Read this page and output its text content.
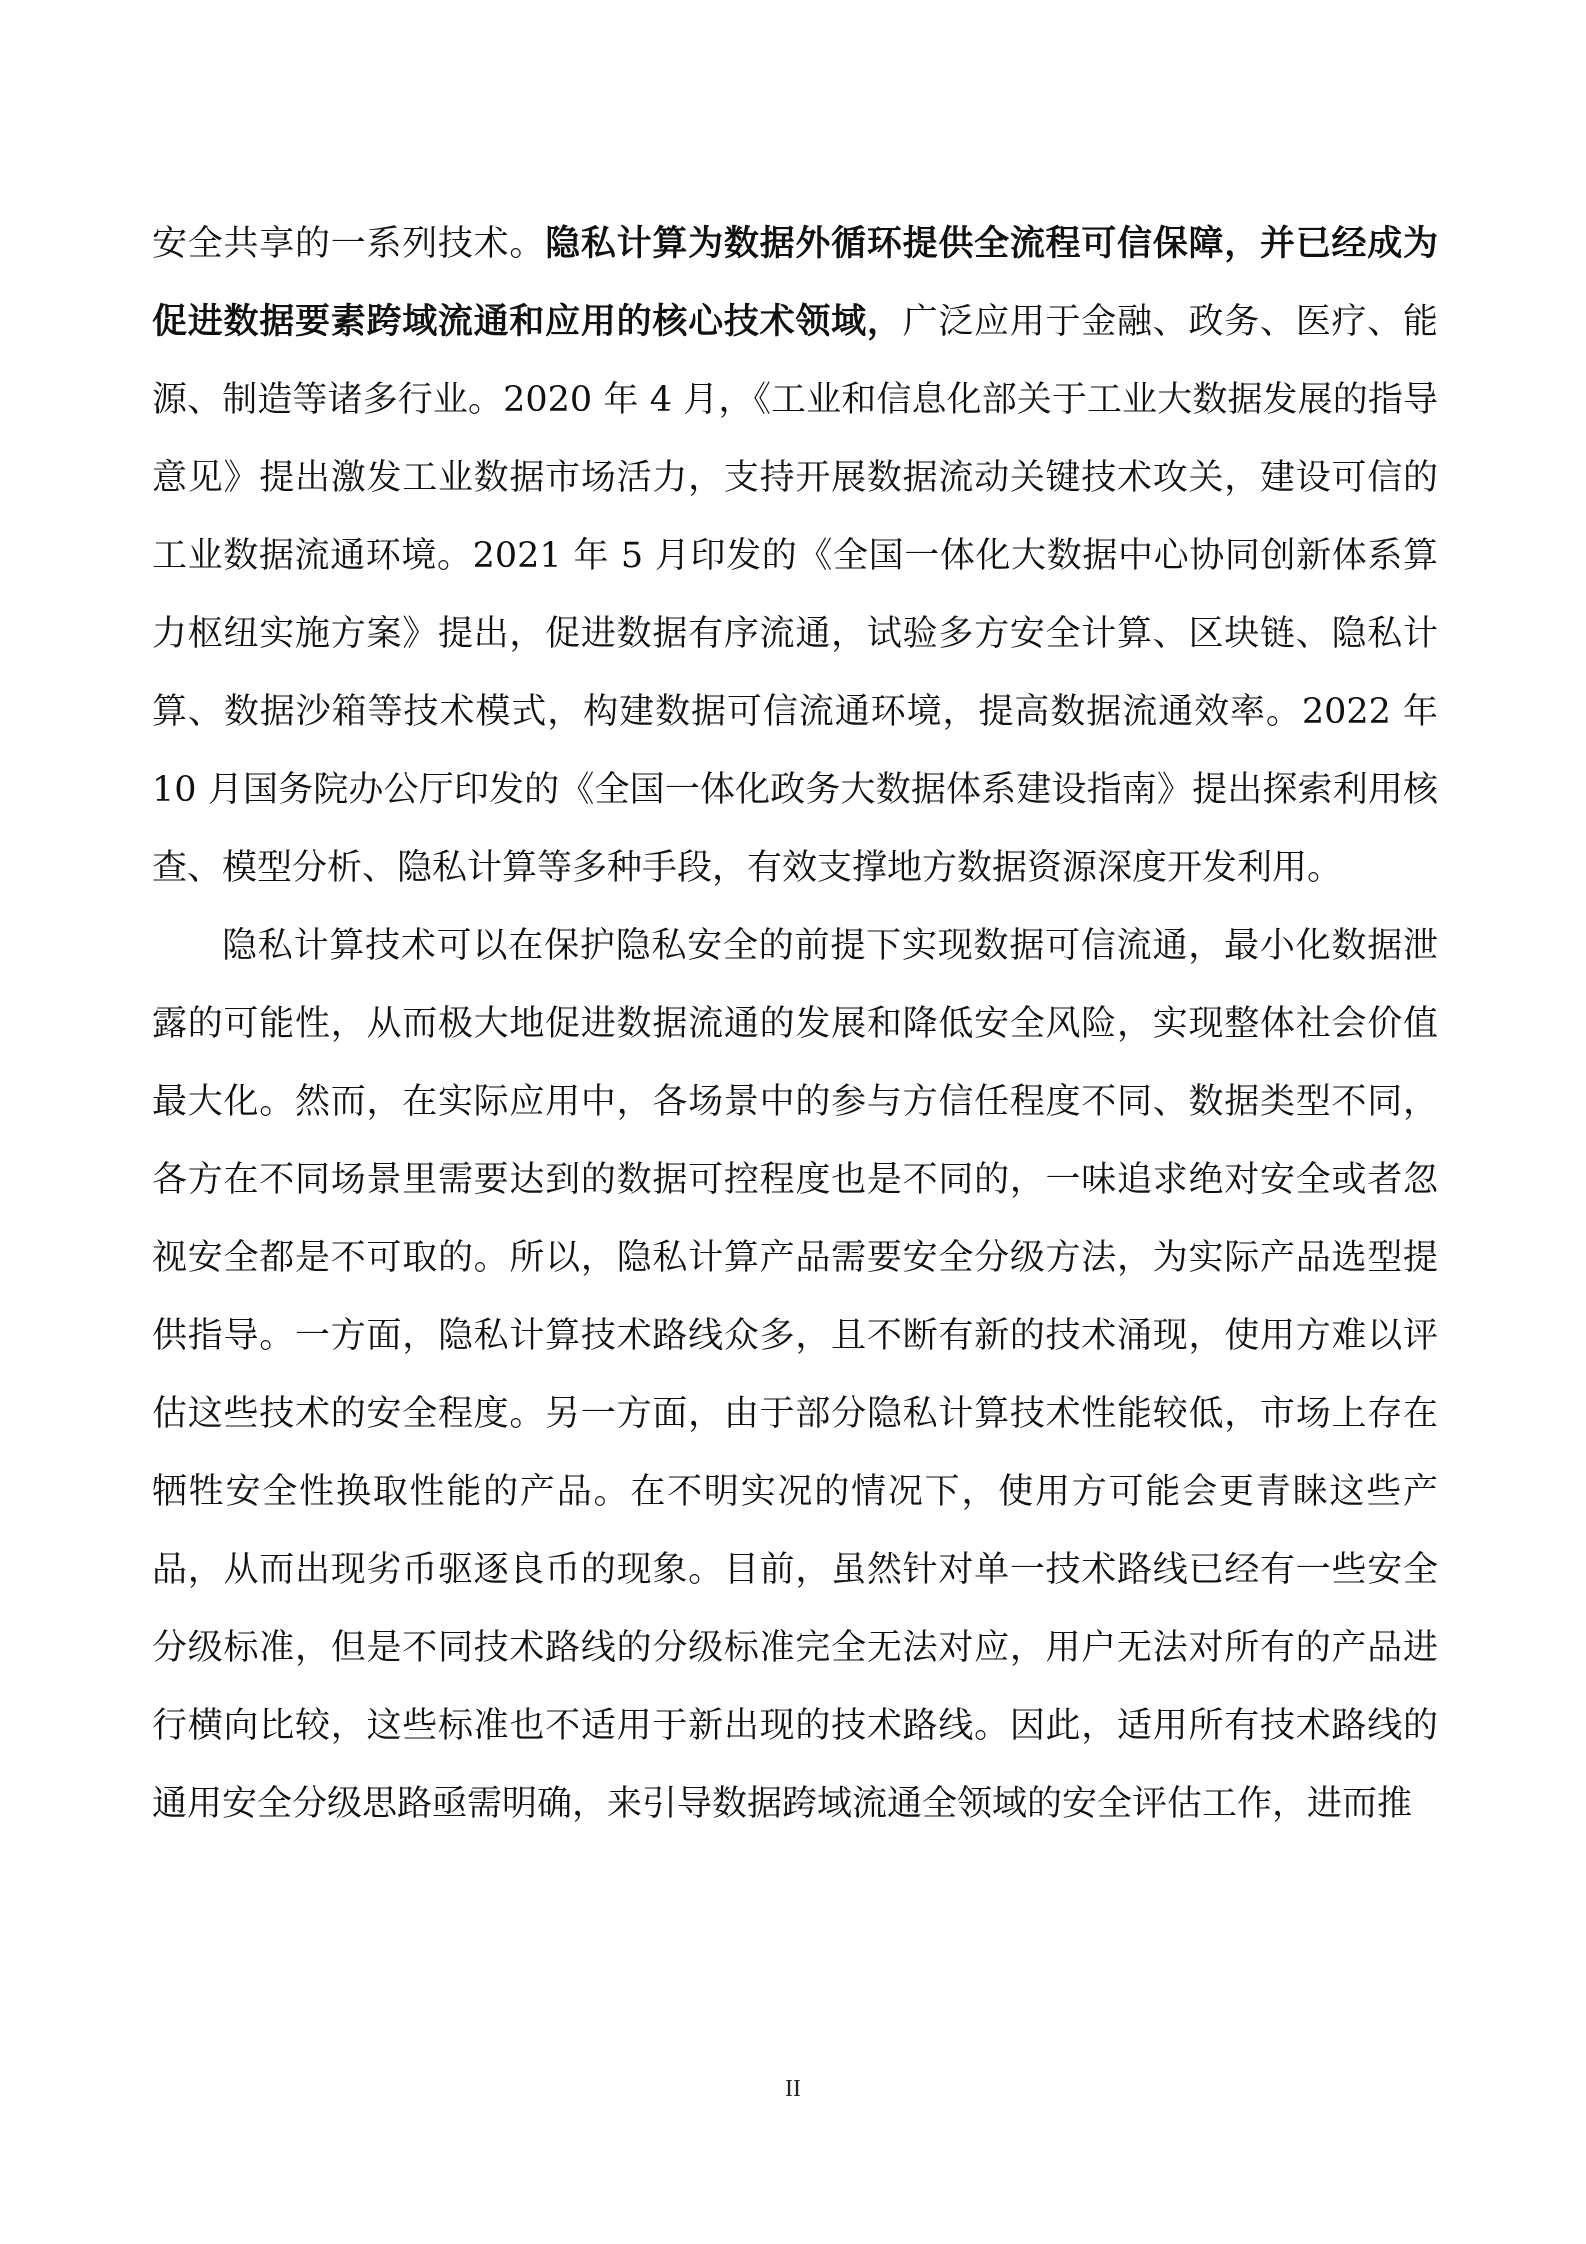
安全共享的一系列技术。隐私计算为数据外循环提供全流程可信保障，并已经成为促进数据要素跨域流通和应用的核心技术领域，广泛应用于金融、政务、医疗、能源、制造等诸多行业。2020 年 4 月，《工业和信息化部关于工业大数据发展的指导意见》提出激发工业数据市场活力，支持开展数据流动关键技术攻关，建设可信的工业数据流通环境。2021 年 5 月印发的《全国一体化大数据中心协同创新体系算力枢纽实施方案》提出，促进数据有序流通，试验多方安全计算、区块链、隐私计算、数据沙箱等技术模式，构建数据可信流通环境，提高数据流通效率。2022 年 10 月国务院办公厅印发的《全国一体化政务大数据体系建设指南》提出探索利用核查、模型分析、隐私计算等多种手段，有效支撑地方数据资源深度开发利用。

隐私计算技术可以在保护隐私安全的前提下实现数据可信流通，最小化数据泄露的可能性，从而极大地促进数据流通的发展和降低安全风险，实现整体社会价值最大化。然而，在实际应用中，各场景中的参与方信任程度不同、数据类型不同，各方在不同场景里需要达到的数据可控程度也是不同的，一味追求绝对安全或者忽视安全都是不可取的。所以，隐私计算产品需要安全分级方法，为实际产品选型提供指导。一方面，隐私计算技术路线众多，且不断有新的技术涌现，使用方难以评估这些技术的安全程度。另一方面，由于部分隐私计算技术性能较低，市场上存在牺牲安全性换取性能的产品。在不明实况的情况下，使用方可能会更青睐这些产品，从而出现劣币驱逐良币的现象。目前，虽然针对单一技术路线已经有一些安全分级标准，但是不同技术路线的分级标准完全无法对应，用户无法对所有的产品进行横向比较，这些标准也不适用于新出现的技术路线。因此，适用所有技术路线的通用安全分级思路亟需明确，来引导数据跨域流通全领域的安全评估工作，进而推

II
